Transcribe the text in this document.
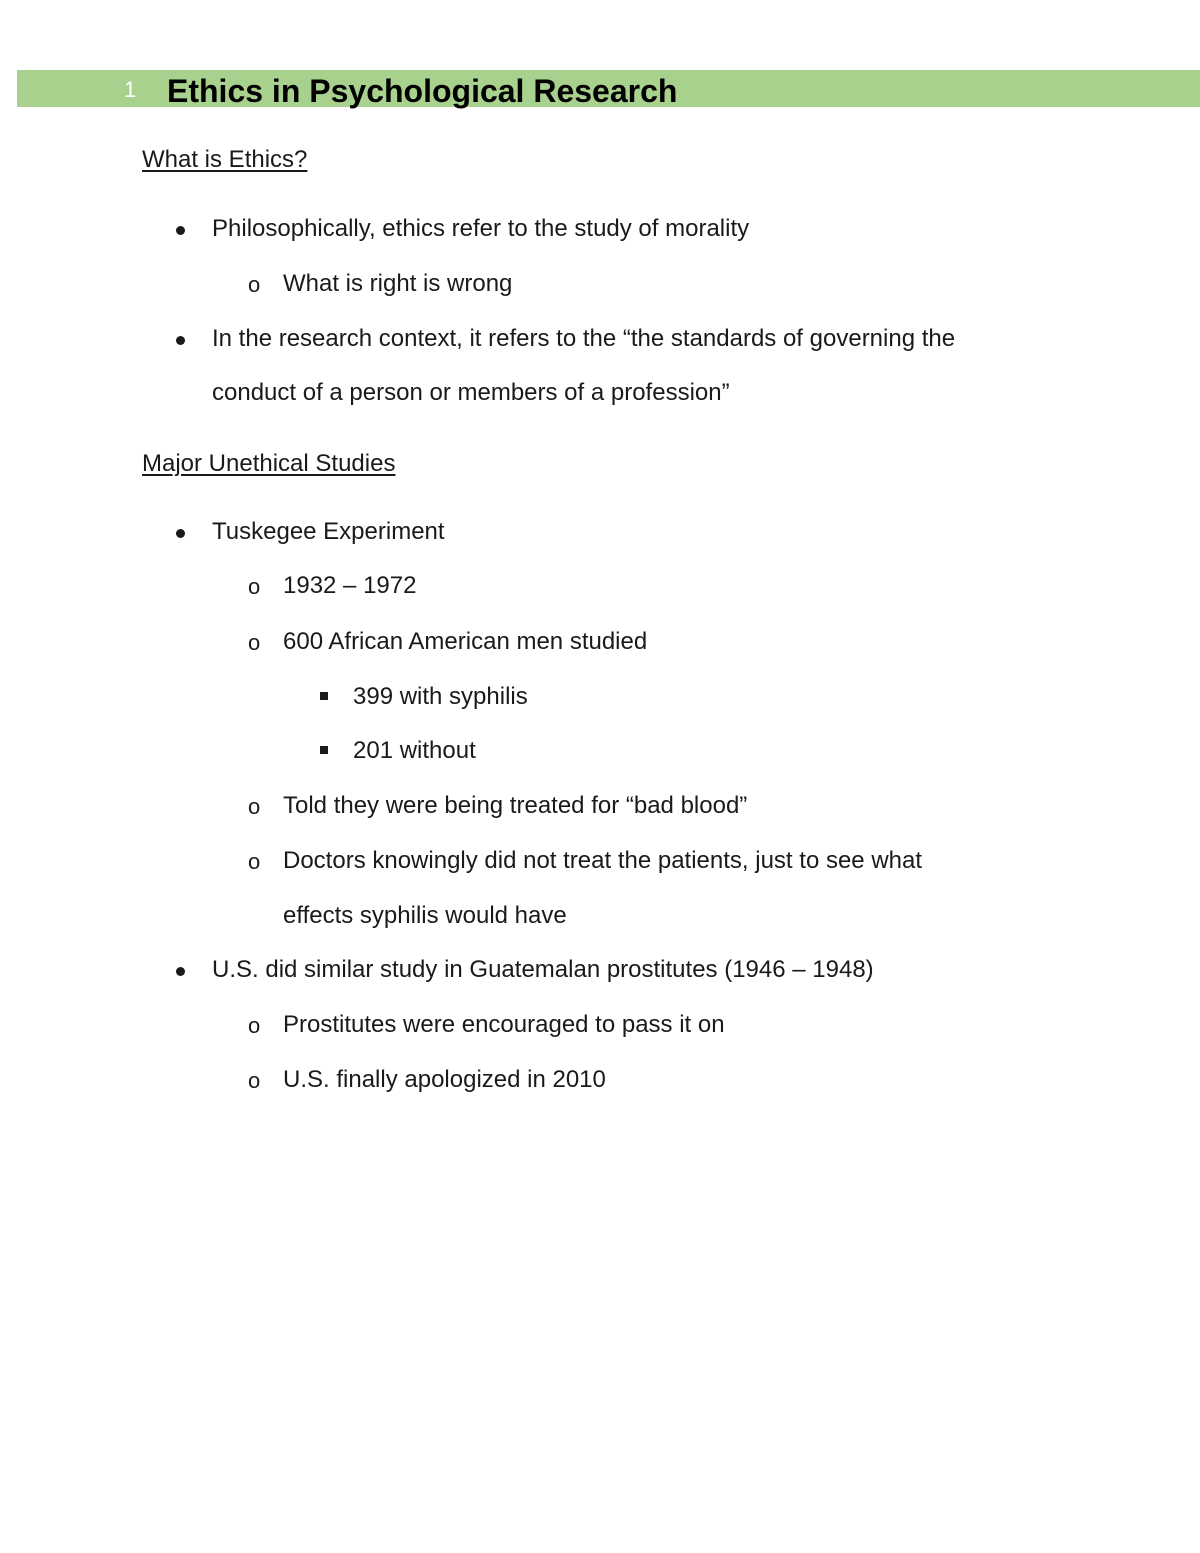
1 Ethics in Psychological Research
What is Ethics?
Philosophically, ethics refer to the study of morality
o What is right is wrong
In the research context, it refers to the “the standards of governing the
conduct of a person or members of a profession”
Major Unethical Studies
Tuskegee Experiment
o 1932 – 1972
o 600 African American men studied
399 with syphilis
201 without
o Told they were being treated for “bad blood”
o Doctors knowingly did not treat the patients, just to see what
effects syphilis would have
U.S. did similar study in Guatemalan prostitutes (1946 – 1948)
o Prostitutes were encouraged to pass it on
o U.S. finally apologized in 2010
